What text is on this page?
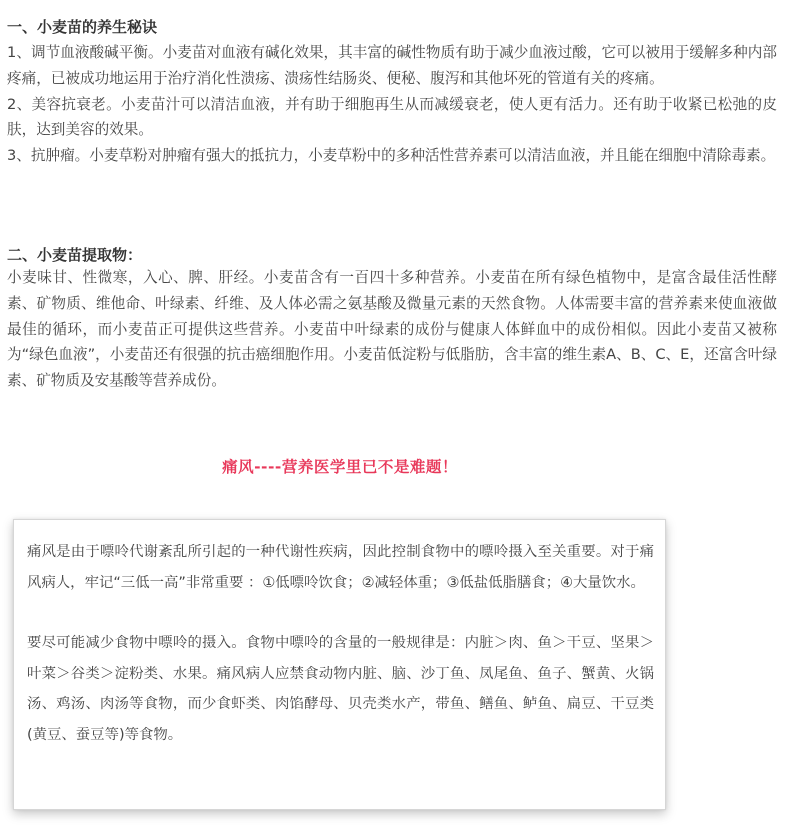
一、小麦苗的养生秘诀

1、调节血液酸碱平衡。小麦苗对血液有碱化效果，其丰富的碱性物质有助于减少血液过酸，它可以被用于缓解多种内部疼痛，已被成功地运用于治疗消化性溃疡、溃疡性结肠炎、便秘、腹泻和其他坏死的管道有关的疼痛。

2、美容抗衰老。小麦苗汁可以清洁血液，并有助于细胞再生从而减缓衰老，使人更有活力。还有助于收紧已松弛的皮肤，达到美容的效果。

3、抗肿瘤。小麦草粉对肿瘤有强大的抵抗力，小麦草粉中的多种活性营养素可以清洁血液，并且能在细胞中清除毒素。

二、小麦苗提取物：

小麦味甘、性微寒，入心、脾、肝经。小麦苗含有一百四十多种营养。小麦苗在所有绿色植物中，是富含最佳活性酵素、矿物质、维他命、叶绿素、纤维、及人体必需之氨基酸及微量元素的天然食物。人体需要丰富的营养素来使血液做最佳的循环，而小麦苗正可提供这些营养。小麦苗中叶绿素的成份与健康人体鲜血中的成份相似。因此小麦苗又被称为“绿色血液”，小麦苗还有很强的抗击癌细胞作用。小麦苗低淀粉与低脂肪，含丰富的维生素A、B、C、E，还富含叶绿素、矿物质及安基酸等营养成份。

痛风----营养医学里已不是难题！

痛风是由于嘌呤代谢紊乱所引起的一种代谢性疾病，因此控制食物中的嘌呤摄入至关重要。对于痛风病人，牢记“三低一高”非常重要 ：①低嘌呤饮食；②减轻体重；③低盐低脂膳食；④大量饮水。

要尽可能减少食物中嘌呤的摄入。食物中嘌呤的含量的一般规律是：内脏＞肉、鱼＞干豆、坚果＞叶菜＞谷类＞淀粉类、水果。痛风病人应禁食动物内脏、脑、沙丁鱼、凤尾鱼、鱼子、蟹黄、火锅汤、鸡汤、肉汤等食物，而少食虾类、肉馅酵母、贝壳类水产，带鱼、鳝鱼、鲈鱼、扁豆、干豆类(黄豆、蚕豆等)等食物。
